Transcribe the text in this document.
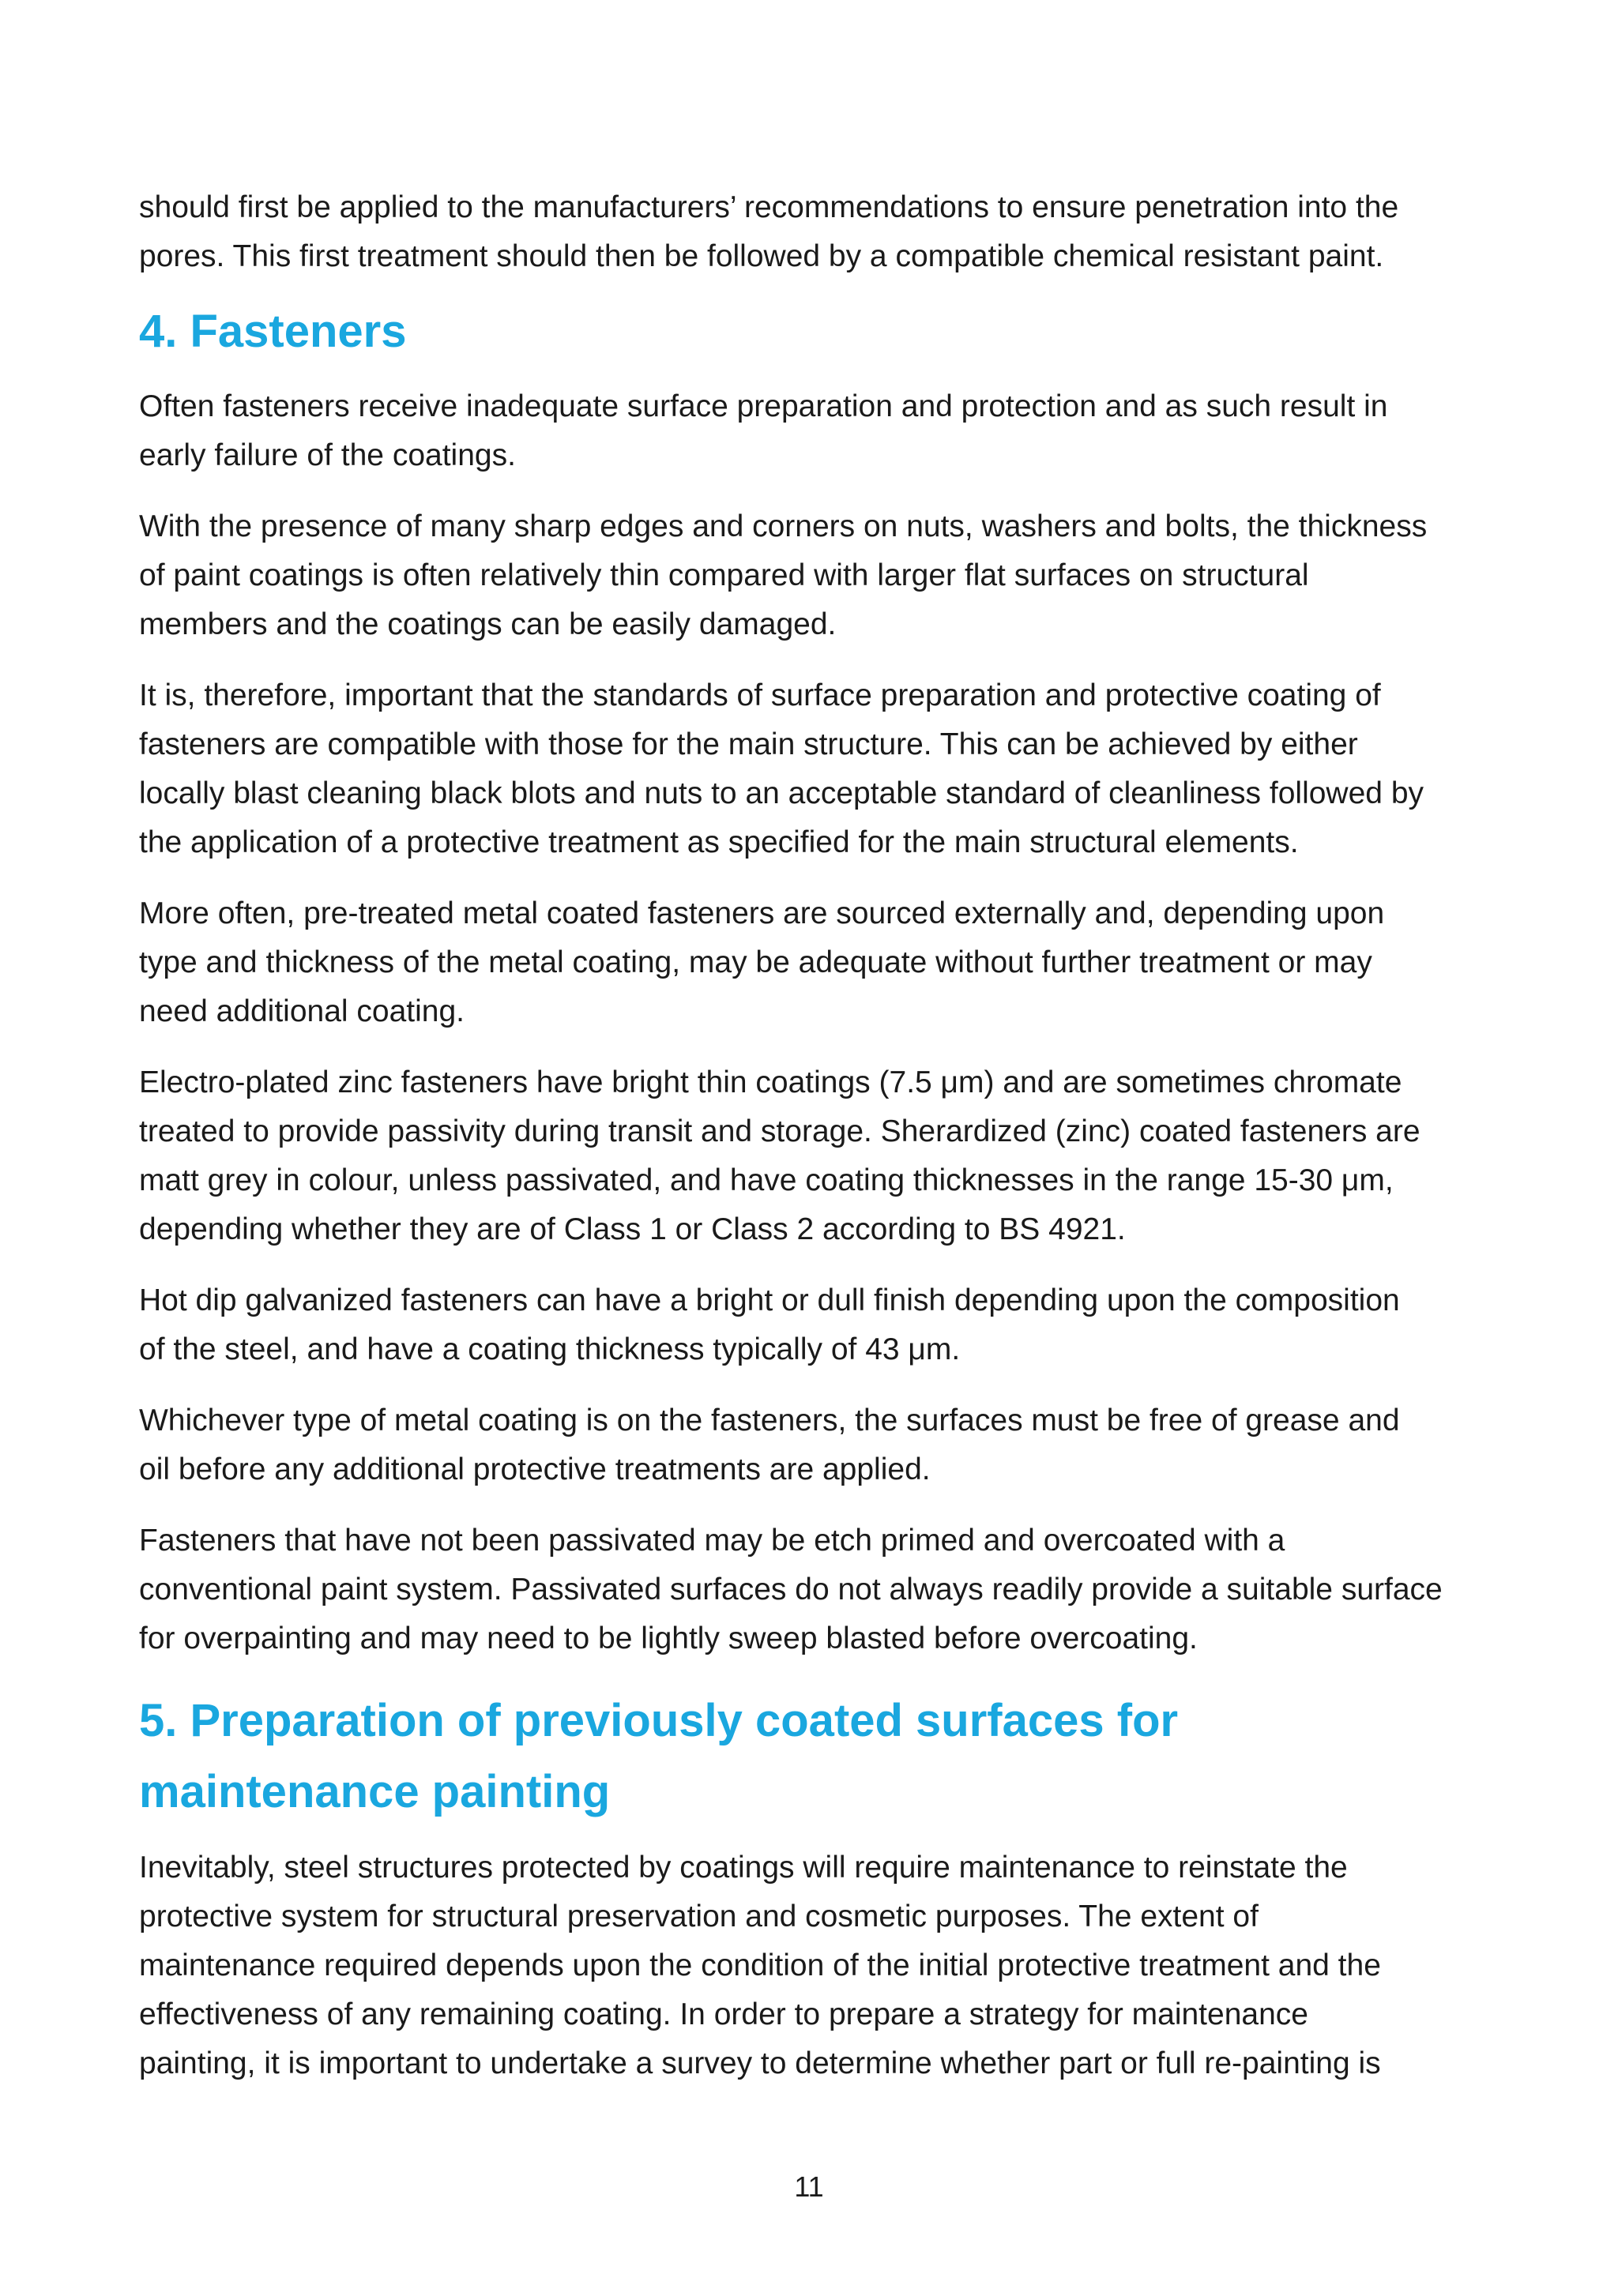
should first be applied to the manufacturers’ recommendations to ensure penetration into the
pores. This first treatment should then be followed by a compatible chemical resistant paint.

4. Fasteners

Often fasteners receive inadequate surface preparation and protection and as such result in
early failure of the coatings.

With the presence of many sharp edges and corners on nuts, washers and bolts, the thickness
of paint coatings is often relatively thin compared with larger flat surfaces on structural
members and the coatings can be easily damaged.

It is, therefore, important that the standards of surface preparation and protective coating of
fasteners are compatible with those for the main structure. This can be achieved by either
locally blast cleaning black blots and nuts to an acceptable standard of cleanliness followed by
the application of a protective treatment as specified for the main structural elements.

More often, pre-treated metal coated fasteners are sourced externally and, depending upon
type and thickness of the metal coating, may be adequate without further treatment or may
need additional coating.

Electro-plated zinc fasteners have bright thin coatings (7.5 μm) and are sometimes chromate
treated to provide passivity during transit and storage. Sherardized (zinc) coated fasteners are
matt grey in colour, unless passivated, and have coating thicknesses in the range 15-30 μm,
depending whether they are of Class 1 or Class 2 according to BS 4921.

Hot dip galvanized fasteners can have a bright or dull finish depending upon the composition
of the steel, and have a coating thickness typically of 43 μm.

Whichever type of metal coating is on the fasteners, the surfaces must be free of grease and
oil before any additional protective treatments are applied.

Fasteners that have not been passivated may be etch primed and overcoated with a
conventional paint system. Passivated surfaces do not always readily provide a suitable surface
for overpainting and may need to be lightly sweep blasted before overcoating.

5. Preparation of previously coated surfaces for
maintenance painting

Inevitably, steel structures protected by coatings will require maintenance to reinstate the
protective system for structural preservation and cosmetic purposes. The extent of
maintenance required depends upon the condition of the initial protective treatment and the
effectiveness of any remaining coating. In order to prepare a strategy for maintenance
painting, it is important to undertake a survey to determine whether part or full re-painting is

11
